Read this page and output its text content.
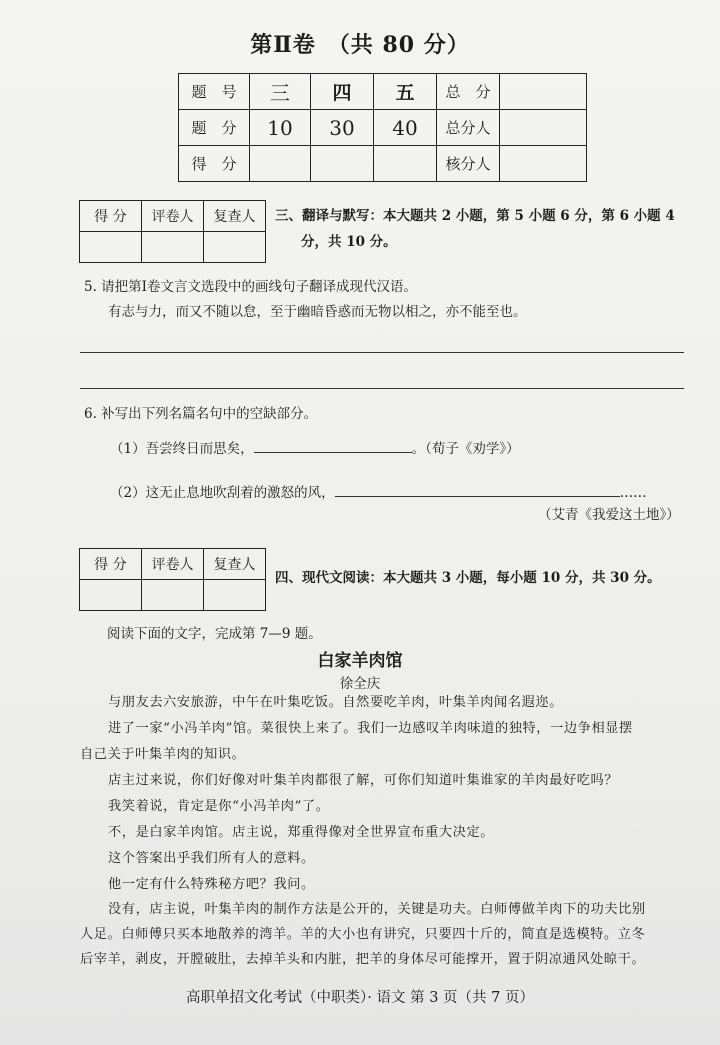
第Ⅱ卷　（共 80 分）
题　号	三	四	五	总　分	
题　分	10	30	40	总分人	
得　分				核分人	
得 分	评卷人	复查人
		三、翻译与默写：本大题共 2 小题，第 5 小题 6 分，第 6 小题 4
分，共 10 分。
5. 请把第Ⅰ卷文言文选段中的画线句子翻译成现代汉语。
有志与力，而又不随以怠，至于幽暗昏惑而无物以相之，亦不能至也。
6. 补写出下列名篇名句中的空缺部分。
（1）吾尝终日而思矣，	。（荀子《劝学》）
（2）这无止息地吹刮着的激怒的风，	……
（艾青《我爱这土地》）
得 分	评卷人	复查人

四、现代文阅读：本大题共 3 小题，每小题 10 分，共 30 分。
阅读下面的文字，完成第 7—9 题。
白家羊肉馆
徐全庆
与朋友去六安旅游，中午在叶集吃饭。自然要吃羊肉，叶集羊肉闻名遐迩。
进了一家“小冯羊肉”馆。菜很快上来了。我们一边感叹羊肉味道的独特，一边争相显摆
自己关于叶集羊肉的知识。
店主过来说，你们好像对叶集羊肉都很了解，可你们知道叶集谁家的羊肉最好吃吗？
我笑着说，肯定是你“小冯羊肉”了。
不，是白家羊肉馆。店主说，郑重得像对全世界宣布重大决定。
这个答案出乎我们所有人的意料。
他一定有什么特殊秘方吧？我问。
没有，店主说，叶集羊肉的制作方法是公开的，关键是功夫。白师傅做羊肉下的功夫比别
人足。白师傅只买本地散养的湾羊。羊的大小也有讲究，只要四十斤的，简直是选模特。立冬
后宰羊，剥皮，开膛破肚，去掉羊头和内脏，把羊的身体尽可能撑开，置于阴凉通风处晾干。
高职单招文化考试（中职类）· 语文 第 3 页（共 7 页）
